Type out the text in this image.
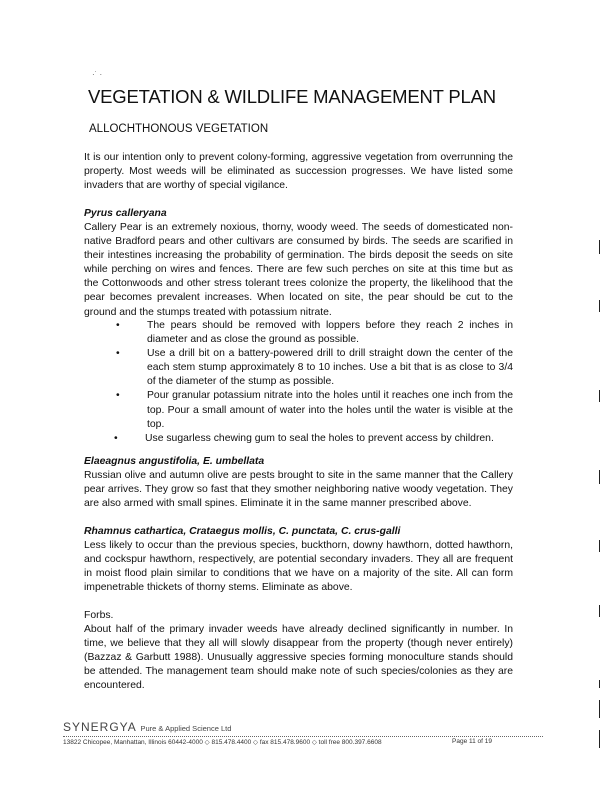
·˙ ·
VEGETATION & WILDLIFE MANAGEMENT PLAN
ALLOCHTHONOUS VEGETATION
It is our intention only to prevent colony-forming, aggressive vegetation from overrunning the property. Most weeds will be eliminated as succession progresses. We have listed some invaders that are worthy of special vigilance.
Pyrus calleryana
Callery Pear is an extremely noxious, thorny, woody weed. The seeds of domesticated non-native Bradford pears and other cultivars are consumed by birds. The seeds are scarified in their intestines increasing the probability of germination. The birds deposit the seeds on site while perching on wires and fences. There are few such perches on site at this time but as the Cottonwoods and other stress tolerant trees colonize the property, the likelihood that the pear becomes prevalent increases. When located on site, the pear should be cut to the ground and the stumps treated with potassium nitrate.
•	The pears should be removed with loppers before they reach 2 inches in diameter and as close the ground as possible.
•	Use a drill bit on a battery-powered drill to drill straight down the center of the each stem stump approximately 8 to 10 inches. Use a bit that is as close to 3/4 of the diameter of the stump as possible.
•	Pour granular potassium nitrate into the holes until it reaches one inch from the top. Pour a small amount of water into the holes until the water is visible at the top.
•	Use sugarless chewing gum to seal the holes to prevent access by children.
Elaeagnus angustifolia, E. umbellata
Russian olive and autumn olive are pests brought to site in the same manner that the Callery pear arrives. They grow so fast that they smother neighboring native woody vegetation. They are also armed with small spines. Eliminate it in the same manner prescribed above.
Rhamnus cathartica, Crataegus mollis, C. punctata, C. crus-galli
Less likely to occur than the previous species, buckthorn, downy hawthorn, dotted hawthorn, and cockspur hawthorn, respectively, are potential secondary invaders. They all are frequent in moist flood plain similar to conditions that we have on a majority of the site. All can form impenetrable thickets of thorny stems. Eliminate as above.
Forbs.
About half of the primary invader weeds have already declined significantly in number. In time, we believe that they all will slowly disappear from the property (though never entirely) (Bazzaz & Garbutt 1988). Unusually aggressive species forming monoculture stands should be attended. The management team should make note of such species/colonies as they are encountered.
SYNERGYA Pure & Applied Science Ltd
13822 Chicopee, Manhattan, Illinois 60442-4000 ◇ 815.478.4400 ◇ fax 815.478.9600 ◇ toll free 800.397.6608	Page 11 of 19
